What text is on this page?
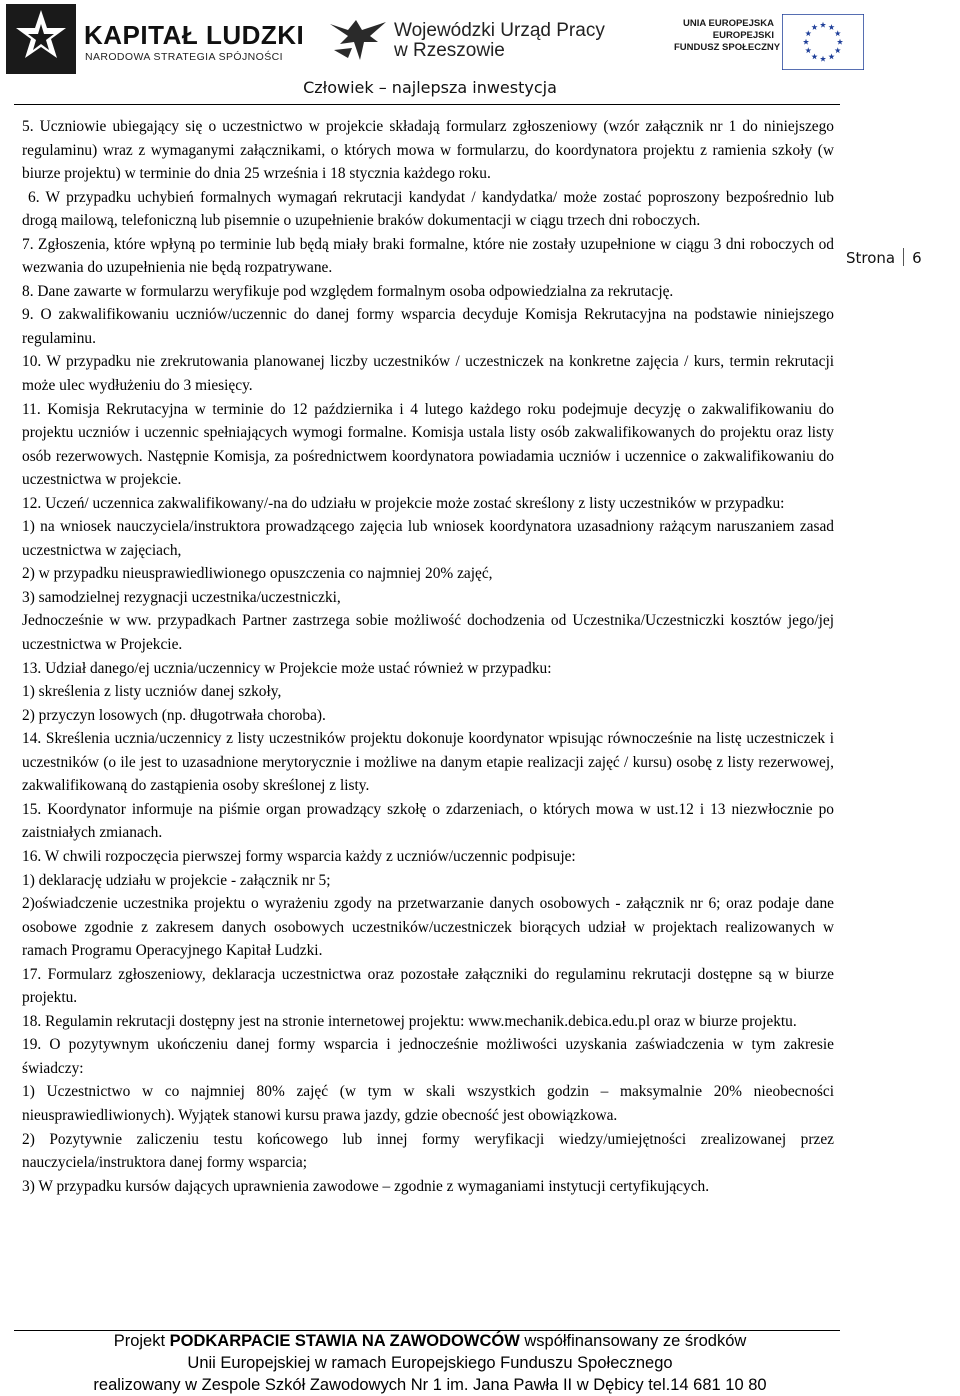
KAPITAŁ LUDZKI
NARODOWA STRATEGIA SPÓJNOŚCI
Wojewódzki Urząd Pracy
w Rzeszowie
UNIA EUROPEJSKA
EUROPEJSKI
FUNDUSZ SPOŁECZNY
Człowiek – najlepsza inwestycja
Strona 6

5. Uczniowie ubiegający się o uczestnictwo w projekcie składają formularz zgłoszeniowy (wzór załącznik nr 1 do niniejszego regulaminu) wraz z wymaganymi załącznikami, o których mowa w formularzu, do koordynatora projektu z ramienia szkoły (w biurze projektu) w terminie do dnia 25 września i 18 stycznia każdego roku.

6. W przypadku uchybień formalnych wymagań rekrutacji kandydat / kandydatka/ może zostać poproszony bezpośrednio lub drogą mailową, telefoniczną lub pisemnie o uzupełnienie braków dokumentacji w ciągu trzech dni roboczych.

7. Zgłoszenia, które wpłyną po terminie lub będą miały braki formalne, które nie zostały uzupełnione w ciągu 3 dni roboczych od wezwania do uzupełnienia nie będą rozpatrywane.

8. Dane zawarte w formularzu weryfikuje pod względem formalnym osoba odpowiedzialna za rekrutację.

9. O zakwalifikowaniu uczniów/uczennic do danej formy wsparcia decyduje Komisja Rekrutacyjna na podstawie niniejszego regulaminu.

10. W przypadku nie zrekrutowania planowanej liczby uczestników / uczestniczek na konkretne zajęcia / kurs, termin rekrutacji może ulec wydłużeniu do 3 miesięcy.

11. Komisja Rekrutacyjna w terminie do 12 października i 4 lutego każdego roku podejmuje decyzję o zakwalifikowaniu do projektu uczniów i uczennic spełniających wymogi formalne. Komisja ustala listy osób zakwalifikowanych do projektu oraz listy osób rezerwowych. Następnie Komisja, za pośrednictwem koordynatora powiadamia uczniów i uczennice o zakwalifikowaniu do uczestnictwa w projekcie.

12. Uczeń/ uczennica zakwalifikowany/-na do udziału w projekcie może zostać skreślony z listy uczestników w przypadku:

1) na wniosek nauczyciela/instruktora prowadzącego zajęcia lub wniosek koordynatora uzasadniony rażącym naruszaniem zasad uczestnictwa w zajęciach,

2) w przypadku nieusprawiedliwionego opuszczenia co najmniej 20% zajęć,

3) samodzielnej rezygnacji uczestnika/uczestniczki,

Jednocześnie w ww. przypadkach Partner zastrzega sobie możliwość dochodzenia od Uczestnika/Uczestniczki kosztów jego/jej uczestnictwa w Projekcie.

13. Udział danego/ej ucznia/uczennicy w Projekcie może ustać również w przypadku:

1) skreślenia z listy uczniów danej szkoły,

2) przyczyn losowych (np. długotrwała choroba).

14. Skreślenia ucznia/uczennicy z listy uczestników projektu dokonuje koordynator wpisując równocześnie na listę uczestniczek i uczestników (o ile jest to uzasadnione merytorycznie i możliwe na danym etapie realizacji zajęć / kursu) osobę z listy rezerwowej, zakwalifikowaną do zastąpienia osoby skreślonej z listy.

15. Koordynator informuje na piśmie organ prowadzący szkołę o zdarzeniach, o których mowa w ust.12 i 13 niezwłocznie po zaistniałych zmianach.

16. W chwili rozpoczęcia pierwszej formy wsparcia każdy z uczniów/uczennic podpisuje:

1) deklarację udziału w projekcie - załącznik nr 5;

2)oświadczenie uczestnika projektu o wyrażeniu zgody na przetwarzanie danych osobowych - załącznik nr 6; oraz podaje dane osobowe zgodnie z zakresem danych osobowych uczestników/uczestniczek biorących udział w projektach realizowanych w ramach Programu Operacyjnego Kapitał Ludzki.

17. Formularz zgłoszeniowy, deklaracja uczestnictwa oraz pozostałe załączniki do regulaminu rekrutacji dostępne są w biurze projektu.

18. Regulamin rekrutacji dostępny jest na stronie internetowej projektu: www.mechanik.debica.edu.pl oraz w biurze projektu.

19. O pozytywnym ukończeniu danej formy wsparcia i jednocześnie możliwości uzyskania zaświadczenia w tym zakresie świadczy:

1) Uczestnictwo w co najmniej 80% zajęć (w tym w skali wszystkich godzin – maksymalnie 20% nieobecności nieusprawiedliwionych). Wyjątek stanowi kursu prawa jazdy, gdzie obecność jest obowiązkowa.

2) Pozytywnie zaliczeniu testu końcowego lub innej formy weryfikacji wiedzy/umiejętności zrealizowanej przez nauczyciela/instruktora danej formy wsparcia;

3) W przypadku kursów dających uprawnienia zawodowe – zgodnie z wymaganiami instytucji certyfikujących.

Projekt PODKARPACIE STAWIA NA ZAWODOWCÓW współfinansowany ze środków
Unii Europejskiej w ramach Europejskiego Funduszu Społecznego
realizowany w Zespole Szkół Zawodowych Nr 1 im. Jana Pawła II w Dębicy tel.14 681 10 80
